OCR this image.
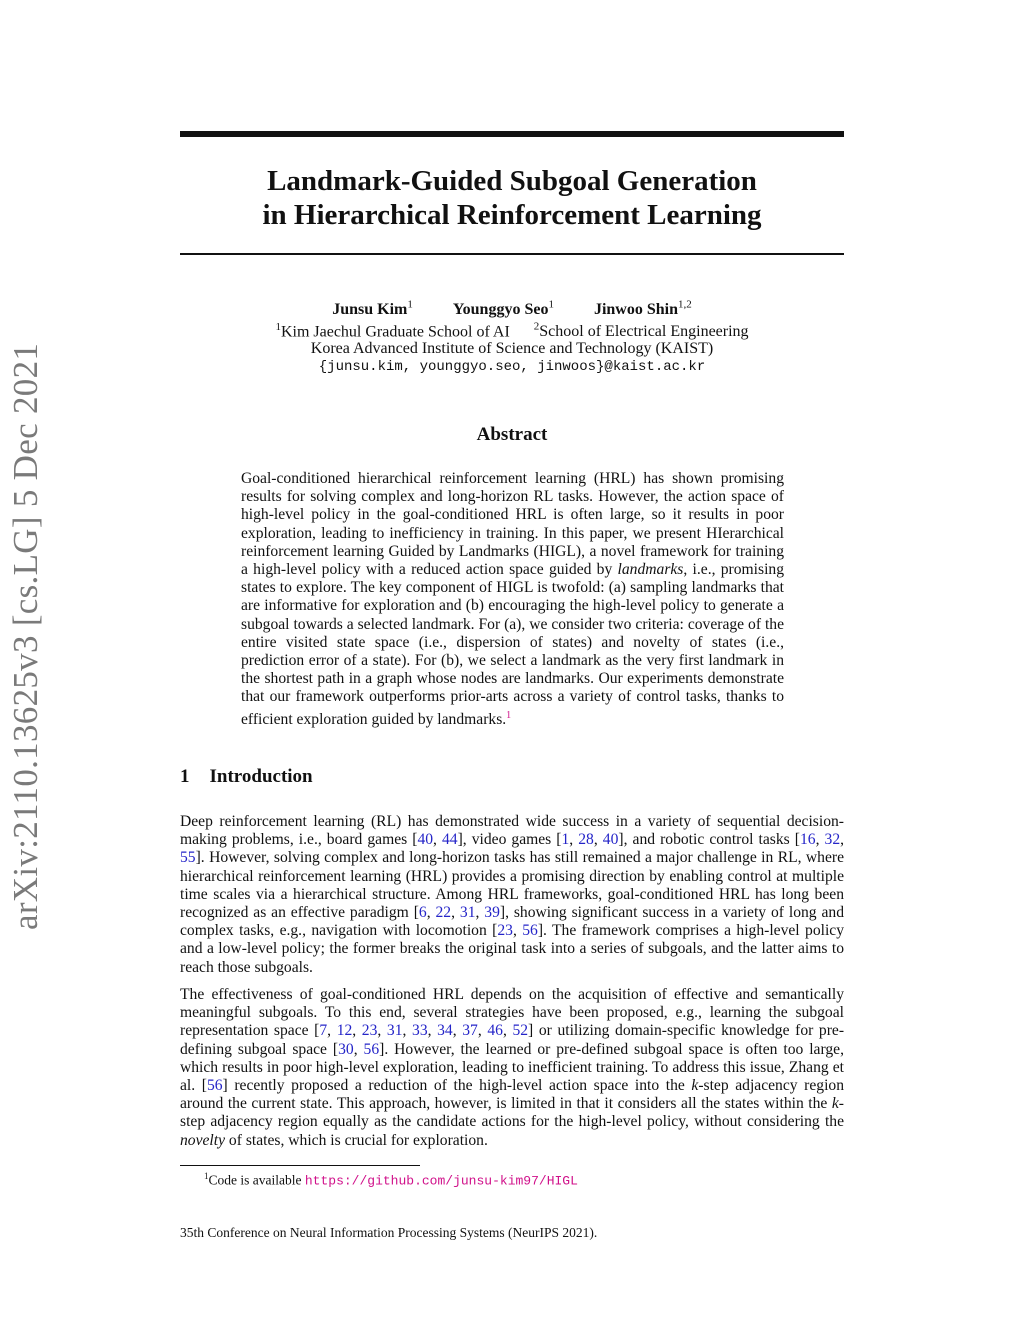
arXiv:2110.13625v3 [cs.LG] 5 Dec 2021
Landmark-Guided Subgoal Generation
in Hierarchical Reinforcement Learning
Junsu Kim$^1$	Younggyo Seo$^1$	Jinwoo Shin$^{1,2}$
$^1$Kim Jaechul Graduate School of AI $^2$School of Electrical Engineering
Korea Advanced Institute of Science and Technology (KAIST)
{junsu.kim, younggyo.seo, jinwoos}@kaist.ac.kr
Abstract

Goal-conditioned hierarchical reinforcement learning (HRL) has shown promising results for solving complex and long-horizon RL tasks. However, the action space of high-level policy in the goal-conditioned HRL is often large, so it results in poor exploration, leading to inefficiency in training. In this paper, we present HIerarchical reinforcement learning Guided by Landmarks (HIGL), a novel framework for training a high-level policy with a reduced action space guided by landmarks, i.e., promising states to explore. The key component of HIGL is twofold: (a) sampling landmarks that are informative for exploration and (b) encouraging the high-level policy to generate a subgoal towards a selected landmark. For (a), we consider two criteria: coverage of the entire visited state space (i.e., dispersion of states) and novelty of states (i.e., prediction error of a state). For (b), we select a landmark as the very first landmark in the shortest path in a graph whose nodes are landmarks. Our experiments demonstrate that our framework outperforms prior-arts across a variety of control tasks, thanks to efficient exploration guided by landmarks.$^1$

1 Introduction

Deep reinforcement learning (RL) has demonstrated wide success in a variety of sequential decision-making problems, i.e., board games [40, 44], video games [1, 28, 40], and robotic control tasks [16, 32, 55]. However, solving complex and long-horizon tasks has still remained a major challenge in RL, where hierarchical reinforcement learning (HRL) provides a promising direction by enabling control at multiple time scales via a hierarchical structure. Among HRL frameworks, goal-conditioned HRL has long been recognized as an effective paradigm [6, 22, 31, 39], showing significant success in a variety of long and complex tasks, e.g., navigation with locomotion [23, 56]. The framework comprises a high-level policy and a low-level policy; the former breaks the original task into a series of subgoals, and the latter aims to reach those subgoals.

The effectiveness of goal-conditioned HRL depends on the acquisition of effective and semantically meaningful subgoals. To this end, several strategies have been proposed, e.g., learning the subgoal representation space [7, 12, 23, 31, 33, 34, 37, 46, 52] or utilizing domain-specific knowledge for pre-defining subgoal space [30, 56]. However, the learned or pre-defined subgoal space is often too large, which results in poor high-level exploration, leading to inefficient training. To address this issue, Zhang et al. [56] recently proposed a reduction of the high-level action space into the k-step adjacency region around the current state. This approach, however, is limited in that it considers all the states within the k-step adjacency region equally as the candidate actions for the high-level policy, without considering the novelty of states, which is crucial for exploration.

$^1$Code is available https://github.com/junsu-kim97/HIGL
35th Conference on Neural Information Processing Systems (NeurIPS 2021).
